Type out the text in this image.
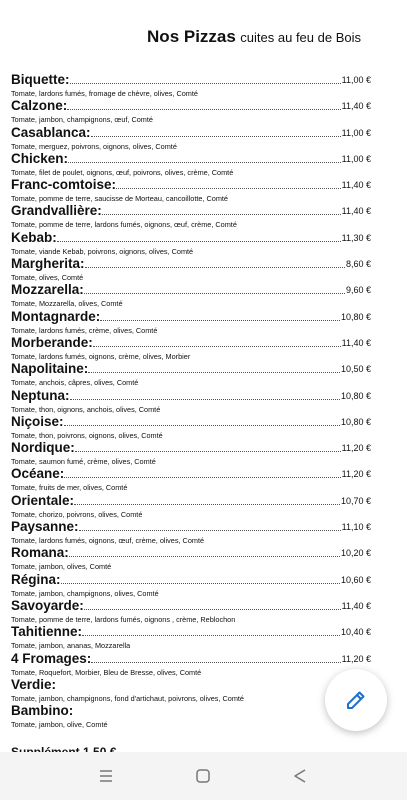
Nos Pizzas cuites au feu de Bois
Biquette:	11,00 €
Tomate, lardons fumés, fromage de chèvre, olives, Comté
Calzone:	11,40 €
Tomate, jambon, champignons, œuf, Comté
Casablanca:	11,00 €
Tomate, merguez, poivrons, oignons, olives, Comté
Chicken:	11,00 €
Tomate, filet de poulet, oignons, œuf, poivrons, olives, crème, Comté
Franc-comtoise:	11,40 €
Tomate, pomme de terre, saucisse de Morteau, cancoillotte, Comté
Grandvallière:	11,40 €
Tomate, pomme de terre, lardons fumés, oignons, œuf, crème, Comté
Kebab:	11,30 €
Tomate, viande Kebab, poivrons, oignons, olives, Comté
Margherita:	8,60 €
Tomate, olives, Comté
Mozzarella:	9,60 €
Tomate, Mozzarella, olives, Comté
Montagnarde:	10,80 €
Tomate, lardons fumés, crème, olives, Comté
Morberande:	11,40 €
Tomate, lardons fumés, oignons, crème, olives, Morbier
Napolitaine:	10,50 €
Tomate, anchois, câpres, olives, Comté
Neptuna:	10,80 €
Tomate, thon, oignons, anchois, olives, Comté
Niçoise:	10,80 €
Tomate, thon, poivrons, oignons, olives, Comté
Nordique:	11,20 €
Tomate, saumon fumé, crème, olives, Comté
Océane:	11,20 €
Tomate, fruits de mer, olives, Comté
Orientale:	10,70 €
Tomate, chorizo, poivrons, olives, Comté
Paysanne:	11,10 €
Tomate, lardons fumés, oignons, œuf, crème, olives, Comté
Romana:	10,20 €
Tomate, jambon, olives, Comté
Régina:	10,60 €
Tomate, jambon, champignons, olives, Comté
Savoyarde:	11,40 €
Tomate, pomme de terre, lardons fumés, oignons , crème, Reblochon
Tahitienne:	10,40 €
Tomate, jambon, ananas, Mozzarella
4 Fromages:	11,20 €
Tomate, Roquefort, Morbier, Bleu de Bresse, olives, Comté
Verdie:
Tomate, jambon, champignons, fond d'artichaut, poivrons, olives, Comté
Bambino:
Tomate, jambon, olive, Comté
